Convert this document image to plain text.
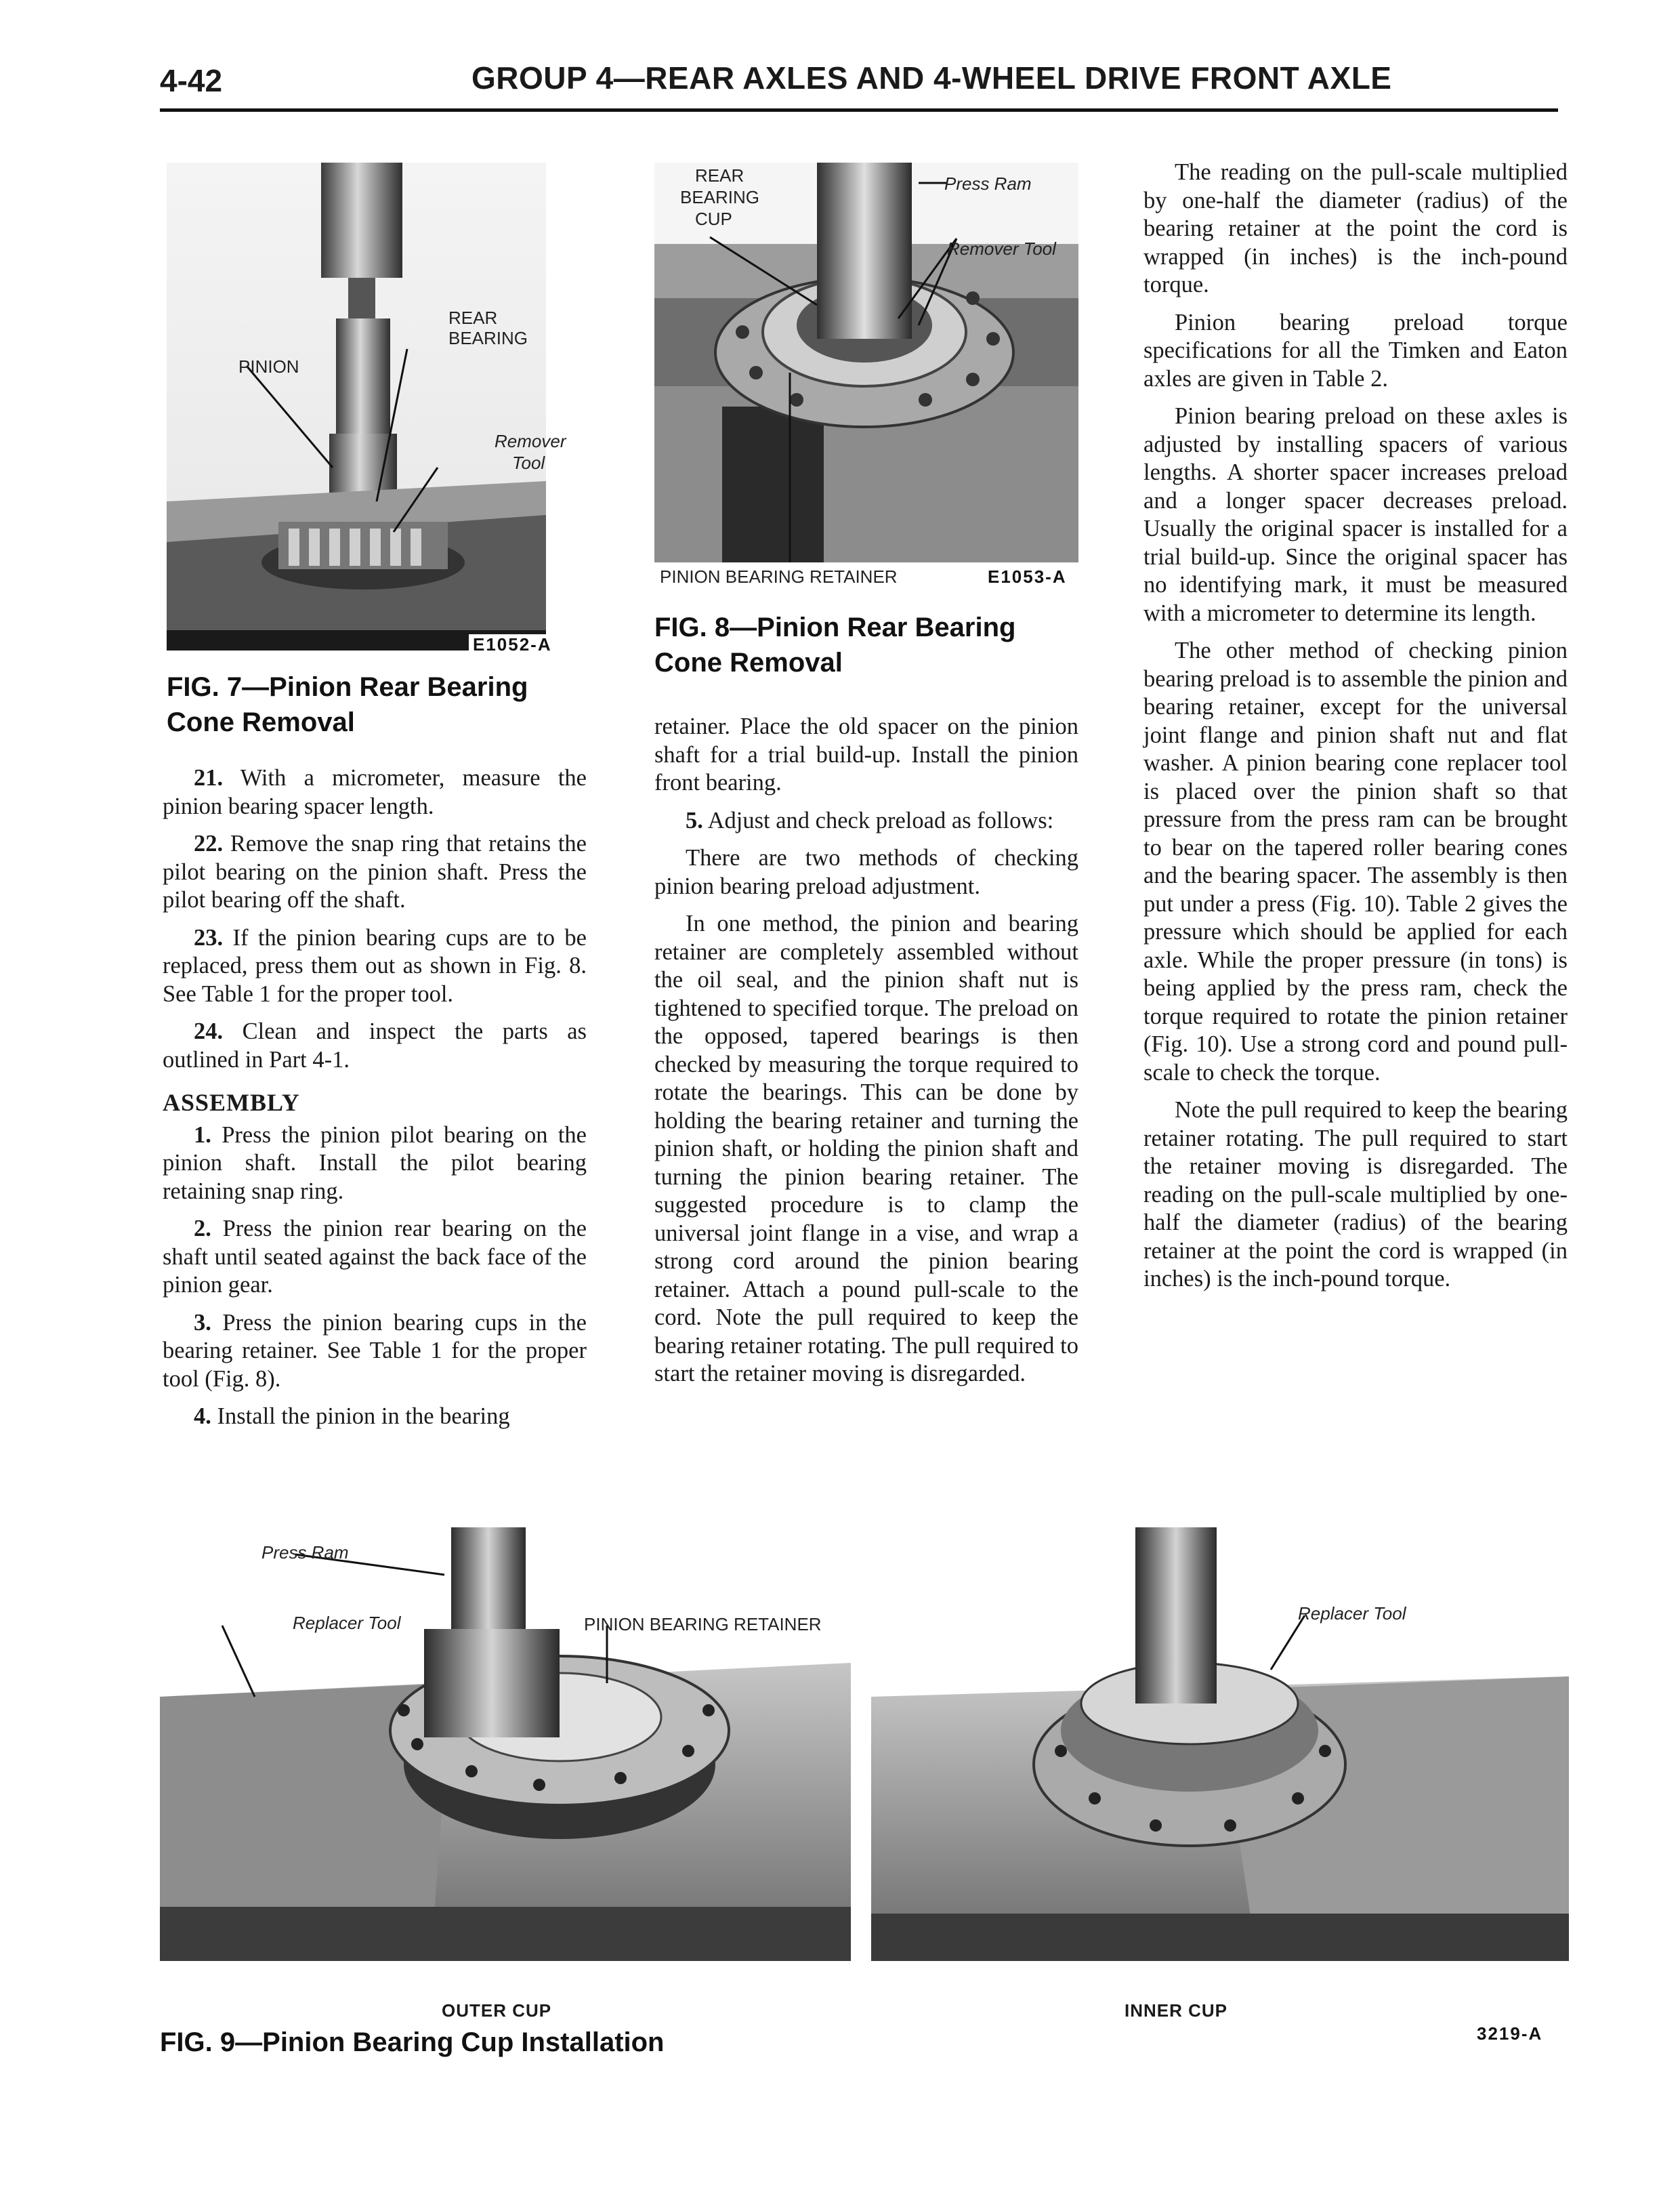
4-42	GROUP 4—REAR AXLES AND 4-WHEEL DRIVE FRONT AXLE
PINION
REAR
BEARING
Remover
Tool
E1052-A
FIG. 7—Pinion Rear Bearing
Cone Removal
REAR
BEARING
CUP
Press Ram
Remover Tool
PINION BEARING RETAINER	E1053-A
FIG. 8—Pinion Rear Bearing
Cone Removal

21. With a micrometer, measure the pinion bearing spacer length.

22. Remove the snap ring that retains the pilot bearing on the pinion shaft. Press the pilot bearing off the shaft.

23. If the pinion bearing cups are to be replaced, press them out as shown in Fig. 8. See Table 1 for the proper tool.

24. Clean and inspect the parts as outlined in Part 4-1.

ASSEMBLY

1. Press the pinion pilot bearing on the pinion shaft. Install the pilot bearing retaining snap ring.

2. Press the pinion rear bearing on the shaft until seated against the back face of the pinion gear.

3. Press the pinion bearing cups in the bearing retainer. See Table 1 for the proper tool (Fig. 8).

4. Install the pinion in the bearing

retainer. Place the old spacer on the pinion shaft for a trial build-up. Install the pinion front bearing.

5. Adjust and check preload as follows:

There are two methods of checking pinion bearing preload adjustment.

In one method, the pinion and bearing retainer are completely assembled without the oil seal, and the pinion shaft nut is tightened to specified torque. The preload on the opposed, tapered bearings is then checked by measuring the torque required to rotate the bearings. This can be done by holding the bearing retainer and turning the pinion shaft, or holding the pinion shaft and turning the pinion bearing retainer. The suggested procedure is to clamp the universal joint flange in a vise, and wrap a strong cord around the pinion bearing retainer. Attach a pound pull-scale to the cord. Note the pull required to keep the bearing retainer rotating. The pull required to start the retainer moving is disregarded.

The reading on the pull-scale multiplied by one-half the diameter (radius) of the bearing retainer at the point the cord is wrapped (in inches) is the inch-pound torque.

Pinion bearing preload torque specifications for all the Timken and Eaton axles are given in Table 2.

Pinion bearing preload on these axles is adjusted by installing spacers of various lengths. A shorter spacer increases preload and a longer spacer decreases preload. Usually the original spacer is installed for a trial build-up. Since the original spacer has no identifying mark, it must be measured with a micrometer to determine its length.

The other method of checking pinion bearing preload is to assemble the pinion and bearing retainer, except for the universal joint flange and pinion shaft nut and flat washer. A pinion bearing cone replacer tool is placed over the pinion shaft so that pressure from the press ram can be brought to bear on the tapered roller bearing cones and the bearing spacer. The assembly is then put under a press (Fig. 10). Table 2 gives the pressure which should be applied for each axle. While the proper pressure (in tons) is being applied by the press ram, check the torque required to rotate the pinion retainer (Fig. 10). Use a strong cord and pound pull-scale to check the torque.

Note the pull required to keep the bearing retainer rotating. The pull required to start the retainer moving is disregarded. The reading on the pull-scale multiplied by one-half the diameter (radius) of the bearing retainer at the point the cord is wrapped (in inches) is the inch-pound torque.

Press Ram
Replacer Tool	PINION BEARING RETAINER
Replacer Tool
OUTER CUP	INNER CUP
3219-A
FIG. 9—Pinion Bearing Cup Installation
